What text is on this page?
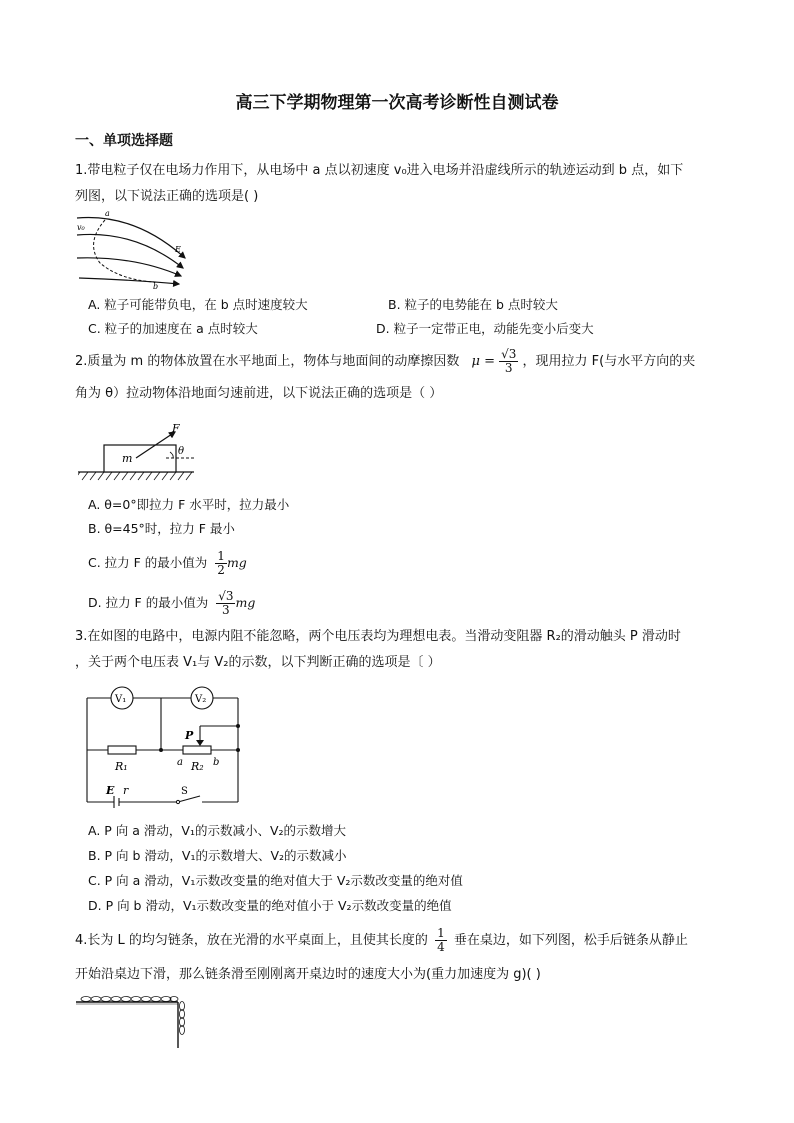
高三下学期物理第一次高考诊断性自测试卷
一、单项选择题
1.带电粒子仅在电场力作用下，从电场中 a 点以初速度 v₀进入电场并沿虚线所示的轨迹运动到 b 点，如下
列图，以下说法正确的选项是( )
a
b
E
v₀
A. 粒子可能带负电，在 b 点时速度较大	B. 粒子的电势能在 b 点时较大
C. 粒子的加速度在 a 点时较大	D. 粒子一定带正电，动能先变小后变大
2.质量为 m 的物体放置在水平地面上，物体与地面间的动摩擦因数 $\mu = \frac{√3}{3}$ ，现用拉力 F(与水平方向的夹
角为 θ）拉动物体沿地面匀速前进，以下说法正确的选项是（ ）
F
m
θ
A. θ=0°即拉力 F 水平时，拉力最小
B. θ=45°时，拉力 F 最小
C. 拉力 F 的最小值为 $\frac{1}{2}$ mg
D. 拉力 F 的最小值为 $\frac{√3}{3}$ mg
3.在如图的电路中，电源内阻不能忽略，两个电压表均为理想电表。当滑动变阻器 R₂的滑动触头 P 滑动时
，关于两个电压表 V₁与 V₂的示数，以下判断正确的选项是〔 ）
V₁	V₂
P
a	b
R₁	R₂
E r	S
A. P 向 a 滑动，V₁的示数减小、V₂的示数增大
B. P 向 b 滑动，V₁的示数增大、V₂的示数减小
C. P 向 a 滑动，V₁示数改变量的绝对值大于 V₂示数改变量的绝对值
D. P 向 b 滑动，V₁示数改变量的绝对值小于 V₂示数改变量的绝值
4.长为 L 的均匀链条，放在光滑的水平桌面上，且使其长度的 $\frac{1}{4}$ 垂在桌边，如下列图，松手后链条从静止
开始沿桌边下滑，那么链条滑至刚刚离开桌边时的速度大小为(重力加速度为 g)( )
